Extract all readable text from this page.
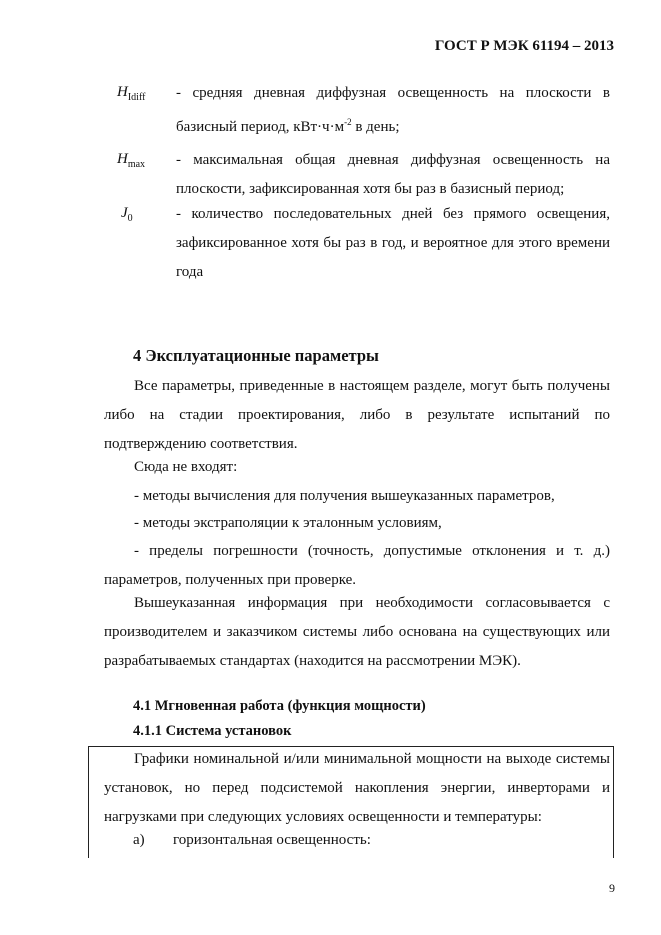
ГОСТ Р МЭК 61194 – 2013
$H_{Idiff}$ - средняя дневная диффузная освещенность на плоскости в базисный период, $кВт\cdot ч\cdot м^{-2}$ в день;
$H_{max}$ - максимальная общая дневная диффузная освещенность на плоскости, зафиксированная хотя бы раз в базисный период;
$J_0$	- количество последовательных дней без прямого освещения, зафиксированное хотя бы раз в год, и вероятное для этого времени года
4 Эксплуатационные параметры
Все параметры, приведенные в настоящем разделе, могут быть получены либо на стадии проектирования, либо в результате испытаний по подтверждению соответствия.
Сюда не входят:
- методы вычисления для получения вышеуказанных параметров,
- методы экстраполяции к эталонным условиям,
- пределы погрешности (точность, допустимые отклонения и т. д.) параметров, полученных при проверке.
Вышеуказанная информация при необходимости согласовывается с производителем и заказчиком системы либо основана на существующих или разрабатываемых стандартах (находится на рассмотрении МЭК).
4.1 Мгновенная работа (функция мощности)
4.1.1 Система установок
Графики номинальной и/или минимальной мощности на выходе системы установок, но перед подсистемой накопления энергии, инверторами и нагрузками при следующих условиях освещенности и температуры:
а) горизонтальная освещенность:
9
